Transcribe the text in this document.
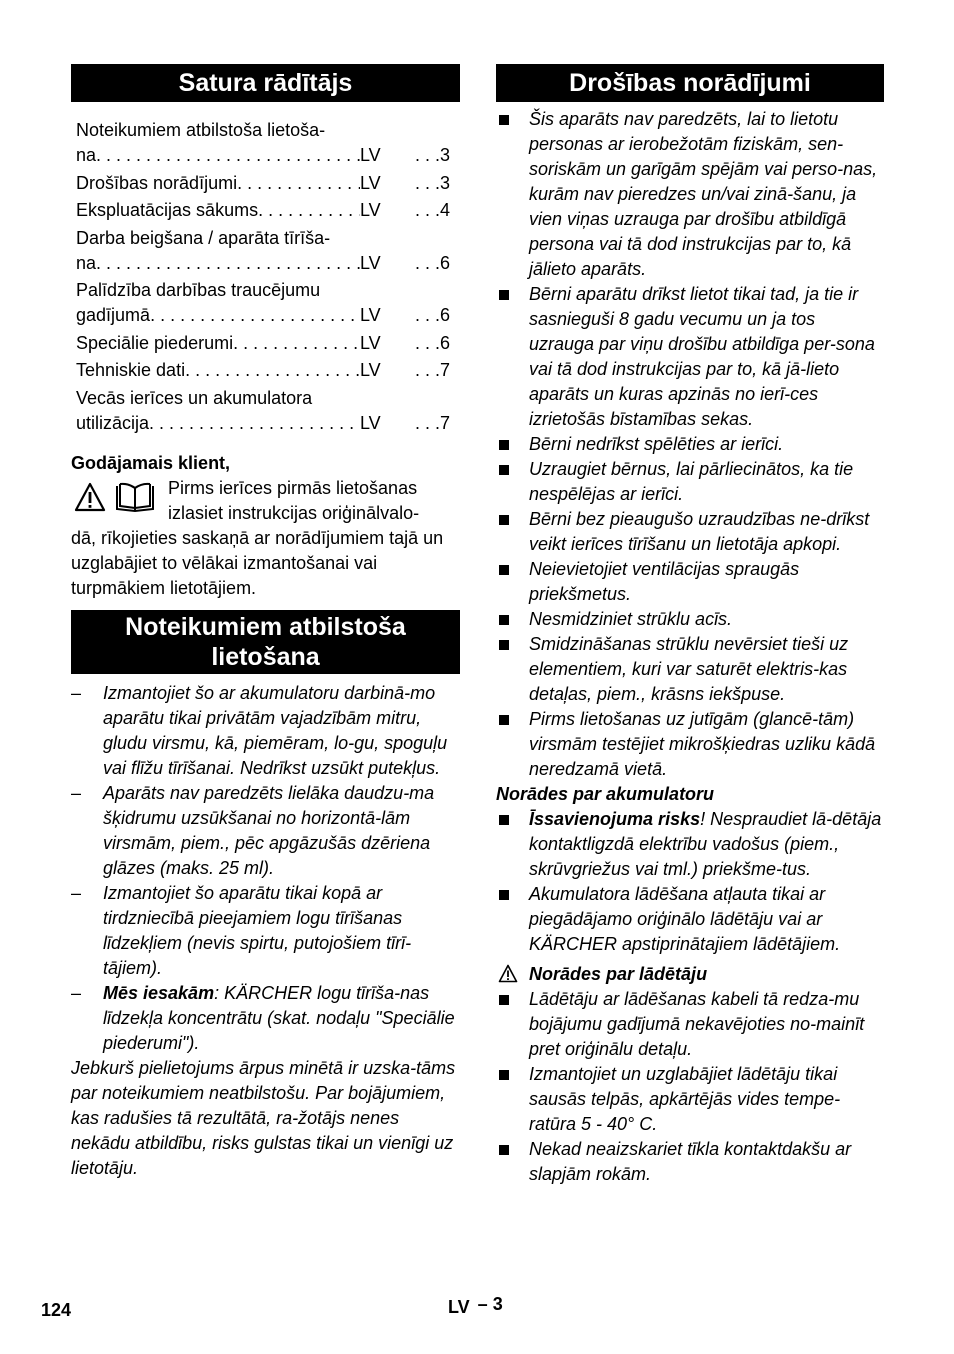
Satura rādītājs
Noteikumiem atbilstoša lietoša-
na . . .	LV	. . .3
Drošības norādījumi . . .	LV	. . .3
Ekspluatācijas sākums . . .	LV	. . .4
Darba beigšana / aparāta tīrīša-
na . . .	LV	. . .6
Palīdzība darbības traucējumu
gadījumā . . .	LV	. . .6
Speciālie piederumi . . .	LV	. . .6
Tehniskie dati . . .	LV	. . .7
Vecās ierīces un akumulatora
utilizācija . . .	LV	. . .7
Godājamais klient,
Pirms ierīces pirmās lietošanas
izlasiet instrukcijas oriģinālvalo-
dā, rīkojieties saskaņā ar norādījumiem tajā un uzglabājiet to vēlākai izmantošanai vai turpmākiem lietotājiem.
Noteikumiem atbilstoša
lietošana
– Izmantojiet šo ar akumulatoru darbinā-mo aparātu tikai privātām vajadzībām mitru, gludu virsmu, kā, piemēram, lo-gu, spoguļu vai flīžu tīrīšanai. Nedrīkst uzsūkt putekļus.
– Aparāts nav paredzēts lielāka daudzu-ma šķidrumu uzsūkšanai no horizontā-lām virsmām, piem., pēc apgāzušās dzēriena glāzes (maks. 25 ml).
– Izmantojiet šo aparātu tikai kopā ar tirdzniecībā pieejamiem logu tīrīšanas līdzekļiem (nevis spirtu, putojošiem tīrī-tājiem).
– Mēs iesakām: KÄRCHER logu tīrīša-nas līdzekļa koncentrātu (skat. nodaļu "Speciālie piederumi").
Jebkurš pielietojums ārpus minētā ir uzska-tāms par noteikumiem neatbilstošu. Par bojājumiem, kas radušies tā rezultātā, ra-žotājs nenes nekādu atbildību, risks gulstas tikai un vienīgi uz lietotāju.
Drošības norādījumi
Šis aparāts nav paredzēts, lai to lietotu personas ar ierobežotām fiziskām, sen-soriskām un garīgām spējām vai perso-nas, kurām nav pieredzes un/vai zinā-šanu, ja vien viņas uzrauga par drošību atbildīgā persona vai tā dod instrukcijas par to, kā jālieto aparāts.
Bērni aparātu drīkst lietot tikai tad, ja tie ir sasnieguši 8 gadu vecumu un ja tos uzrauga par viņu drošību atbildīga per-sona vai tā dod instrukcijas par to, kā jā-lieto aparāts un kuras apzinās no ierī-ces izrietošās bīstamības sekas.
Bērni nedrīkst spēlēties ar ierīci.
Uzraugiet bērnus, lai pārliecinātos, ka tie nespēlējas ar ierīci.
Bērni bez pieaugušo uzraudzības ne-drīkst veikt ierīces tīrīšanu un lietotāja apkopi.
Neievietojiet ventilācijas spraugās priekšmetus.
Nesmidziniet strūklu acīs.
Smidzināšanas strūklu nevērsiet tieši uz elementiem, kuri var saturēt elektris-kas detaļas, piem., krāsns iekšpuse.
Pirms lietošanas uz jutīgām (glancē-tām) virsmām testējiet mikrošķiedras uzliku kādā neredzamā vietā.
Norādes par akumulatoru
Īssavienojuma risks! Nespraudiet lā-dētāja kontaktligzdā elektrību vadošus (piem., skrūvgriežus vai tml.) priekšme-tus.
Akumulatora lādēšana atļauta tikai ar piegādājamo oriģinālo lādētāju vai ar KÄRCHER apstiprinātajiem lādētājiem.
Norādes par lādētāju
Lādētāju ar lādēšanas kabeli tā redza-mu bojājumu gadījumā nekavējoties no-mainīt pret oriģinālu detaļu.
Izmantojiet un uzglabājiet lādētāju tikai sausās telpās, apkārtējās vides tempe-ratūra 5 - 40° C.
Nekad neaizskariet tīkla kontaktdakšu ar slapjām rokām.
124	LV – 3
